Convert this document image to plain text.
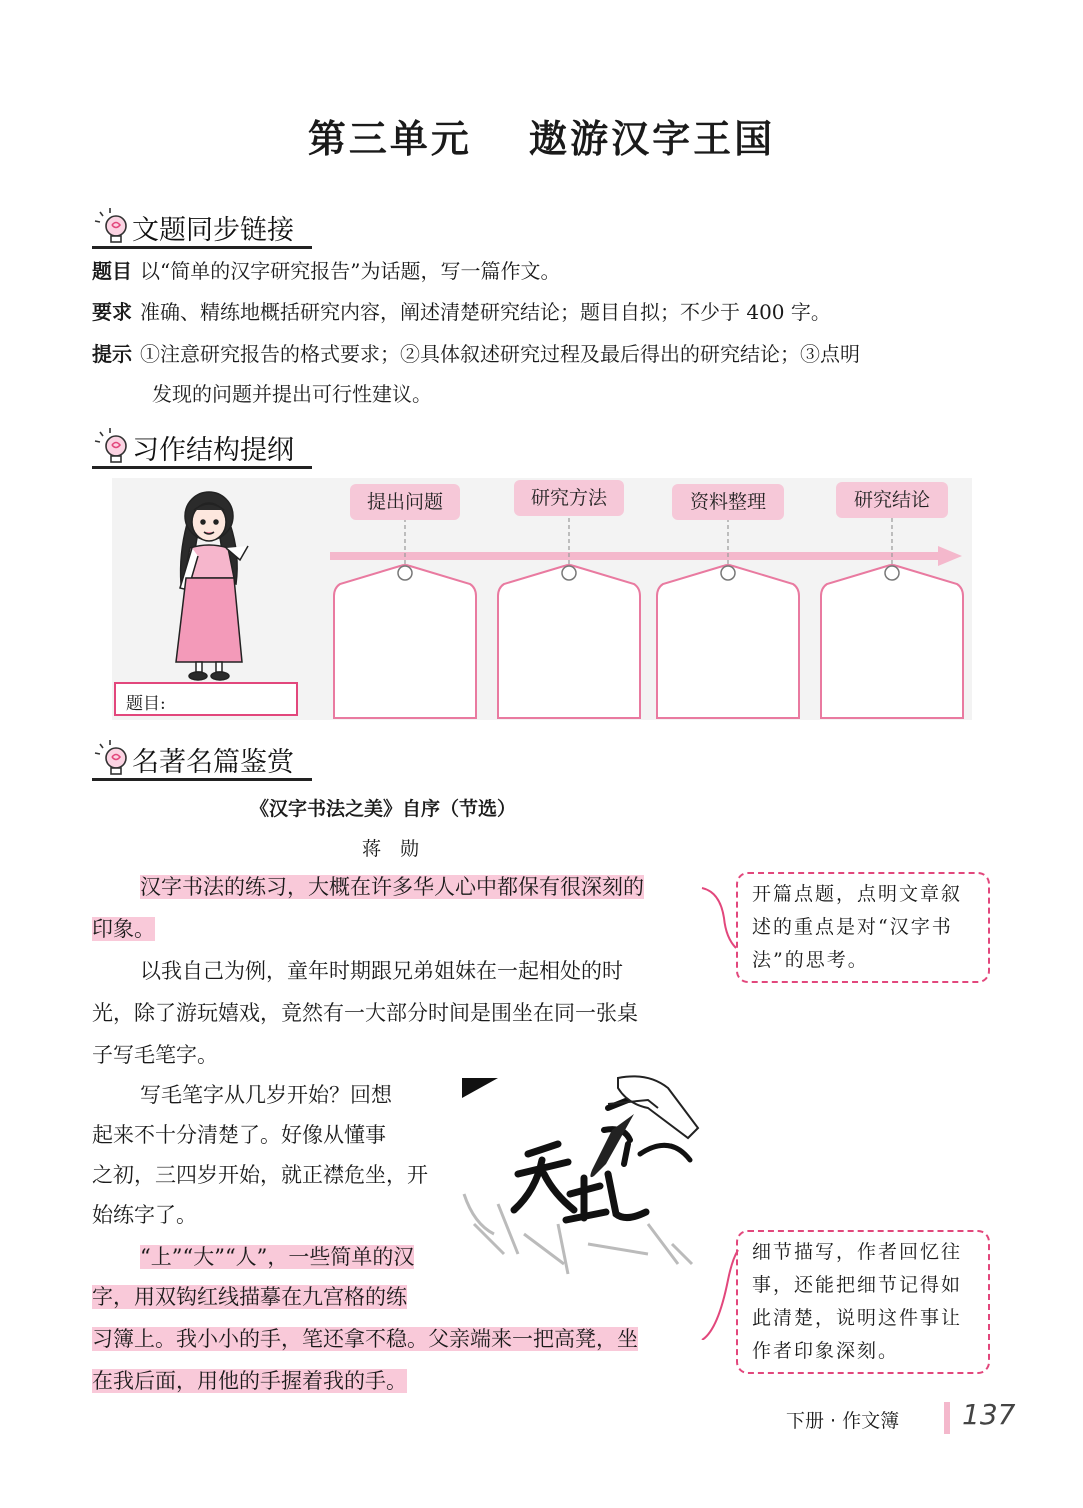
第三单元　 遨游汉字王国
文题同步链接
题目 以“简单的汉字研究报告”为话题，写一篇作文。
要求 准确、精练地概括研究内容，阐述清楚研究结论；题目自拟；不少于 400 字。
提示 ①注意研究报告的格式要求；②具体叙述研究过程及最后得出的研究结论；③点明
发现的问题并提出可行性建议。
习作结构提纲
题目:
提出问题	研究方法	资料整理	研究结论
名著名篇鉴赏
《汉字书法之美》自序（节选）
蒋　勋
汉字书法的练习，大概在许多华人心中都保有很深刻的
印象。
以我自己为例，童年时期跟兄弟姐妹在一起相处的时
光，除了游玩嬉戏，竟然有一大部分时间是围坐在同一张桌
子写毛笔字。
写毛笔字从几岁开始？回想
起来不十分清楚了。好像从懂事
之初，三四岁开始，就正襟危坐，开
始练字了。
“上”“大”“人”，一些简单的汉
字，用双钩红线描摹在九宫格的练
习簿上。我小小的手，笔还拿不稳。父亲端来一把高凳，坐
在我后面，用他的手握着我的手。
开篇点题，点明文章叙述的重点是对“汉字书法”的思考。
细节描写，作者回忆往事，还能把细节记得如此清楚，说明这件事让作者印象深刻。
下册 · 作文簿 137
